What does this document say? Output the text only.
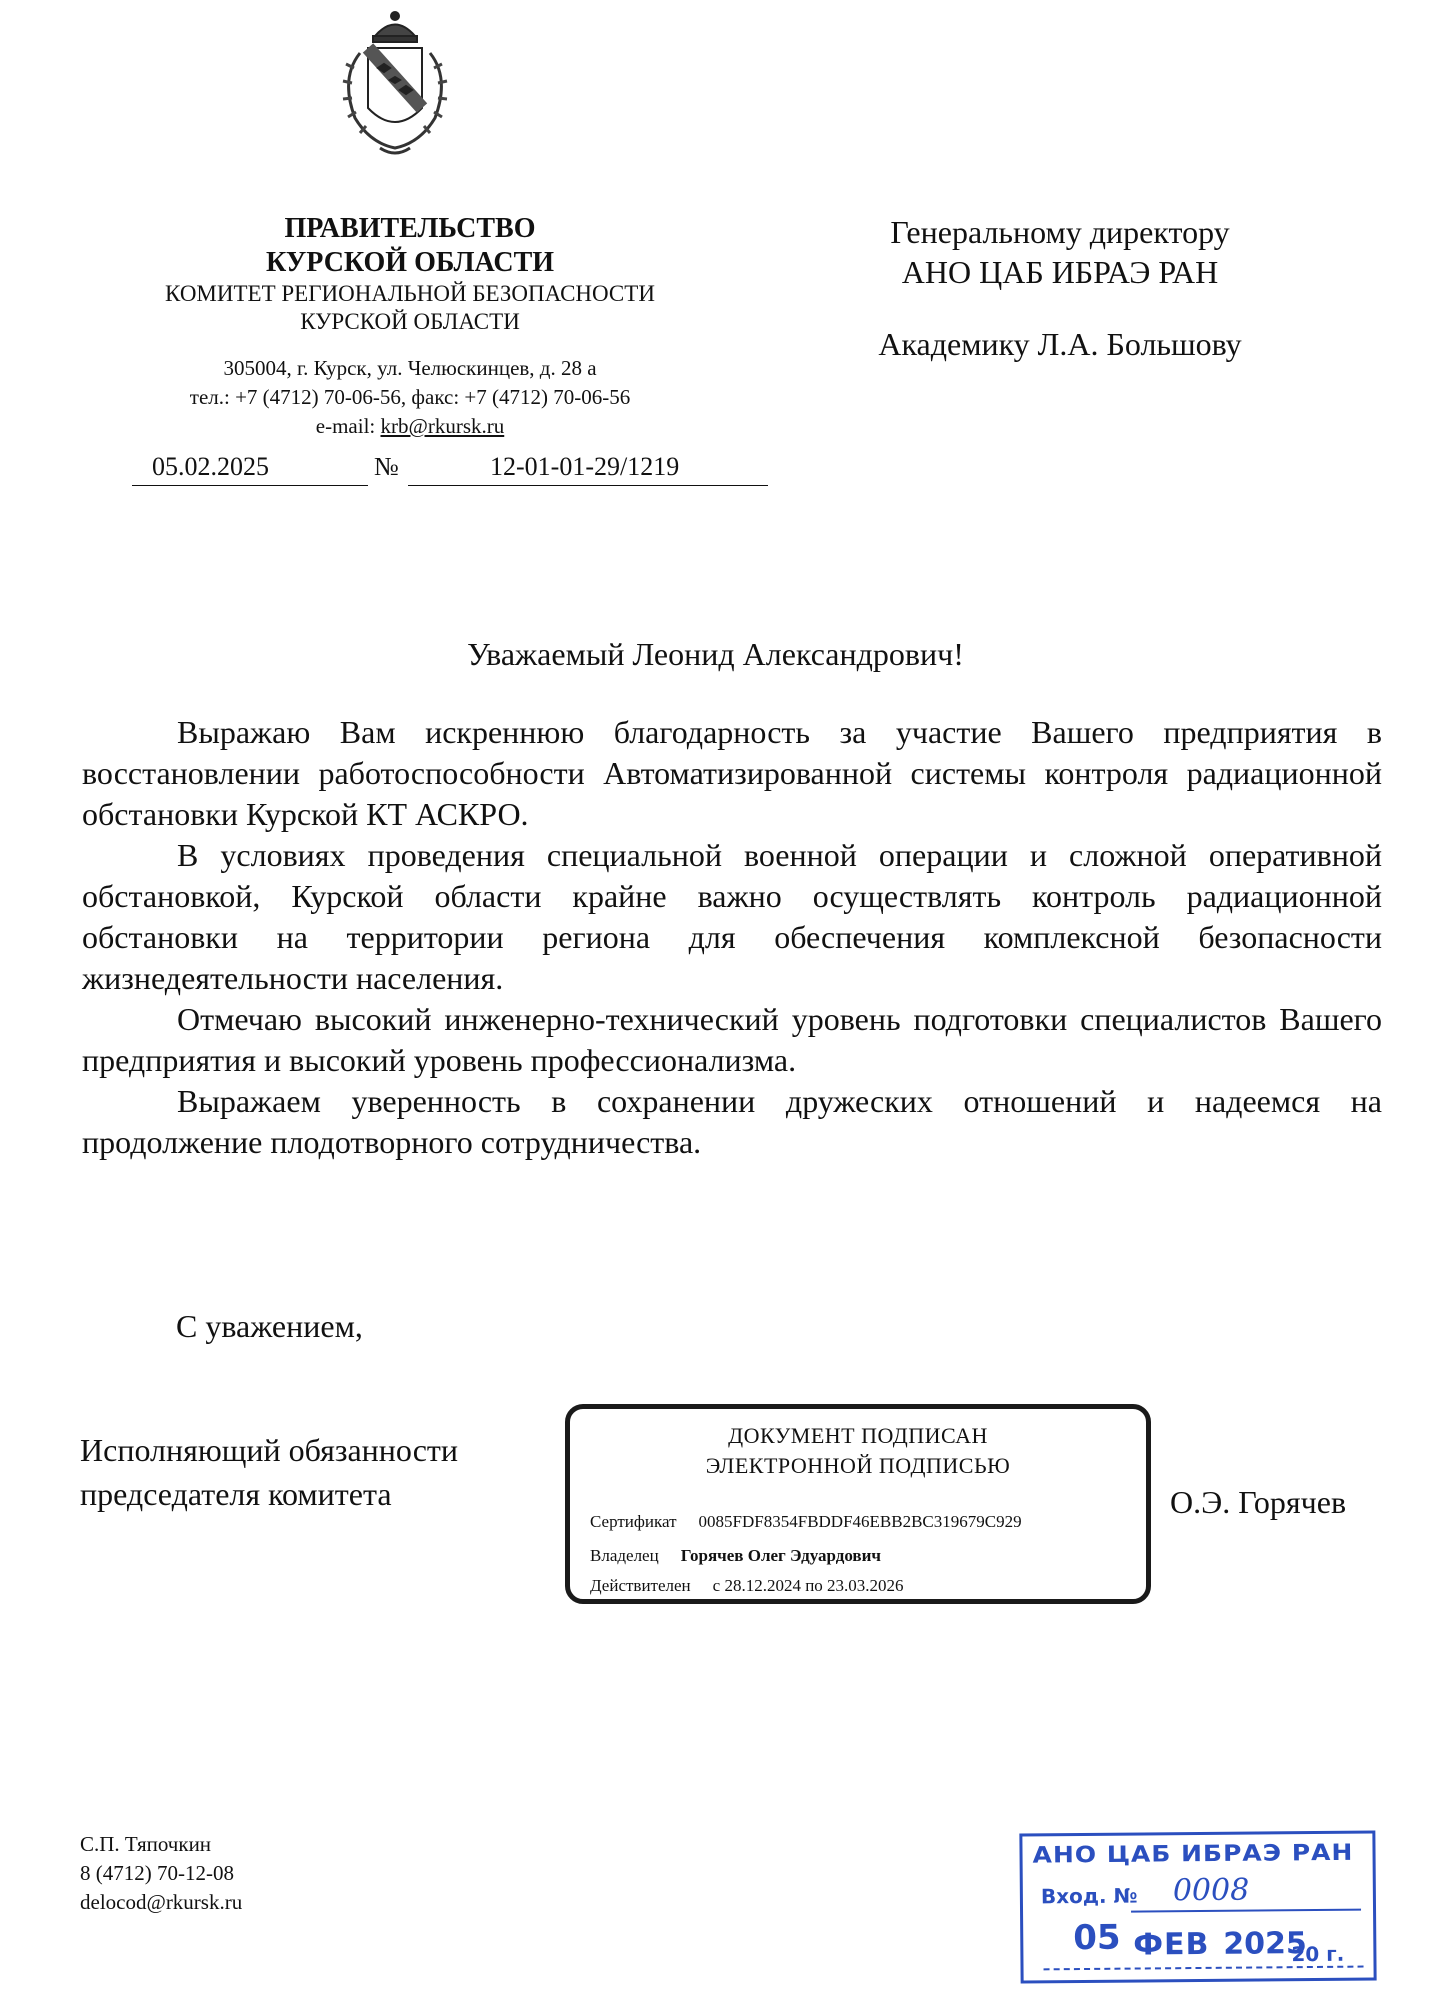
ПРАВИТЕЛЬСТВО
КУРСКОЙ ОБЛАСТИ
КОМИТЕТ РЕГИОНАЛЬНОЙ БЕЗОПАСНОСТИ
КУРСКОЙ ОБЛАСТИ
305004, г. Курск, ул. Челюскинцев, д. 28 а
тел.: +7 (4712) 70-06-56, факс: +7 (4712) 70-06-56
e-mail: krb@rkursk.ru
05.02.2025	№	12-01-01-29/1219
Генеральному директору
АНО ЦАБ ИБРАЭ РАН
Академику Л.А. Большову
Уважаемый Леонид Александрович!

Выражаю Вам искреннюю благодарность за участие Вашего предприятия в восстановлении работоспособности Автоматизированной системы контроля радиационной обстановки Курской КТ АСКРО.

В условиях проведения специальной военной операции и сложной оперативной обстановкой, Курской области крайне важно осуществлять контроль радиационной обстановки на территории региона для обеспечения комплексной безопасности жизнедеятельности населения.

Отмечаю высокий инженерно-технический уровень подготовки специалистов Вашего предприятия и высокий уровень профессионализма.

Выражаем уверенность в сохранении дружеских отношений и надеемся на продолжение плодотворного сотрудничества.

С уважением,
Исполняющий обязанности
председателя комитета
ДОКУМЕНТ ПОДПИСАН
ЭЛЕКТРОННОЙ ПОДПИСЬЮ
Сертификат 0085FDF8354FBDDF46EBB2BC319679C929
Владелец Горячев Олег Эдуардович
Действителен с 28.12.2024 по 23.03.2026
О.Э. Горячев
С.П. Тяпочкин
8 (4712) 70-12-08
delocod@rkursk.ru
АНО ЦАБ ИБРАЭ РАН
Вход. № 0008
05 ФЕВ 2025
20 г.
